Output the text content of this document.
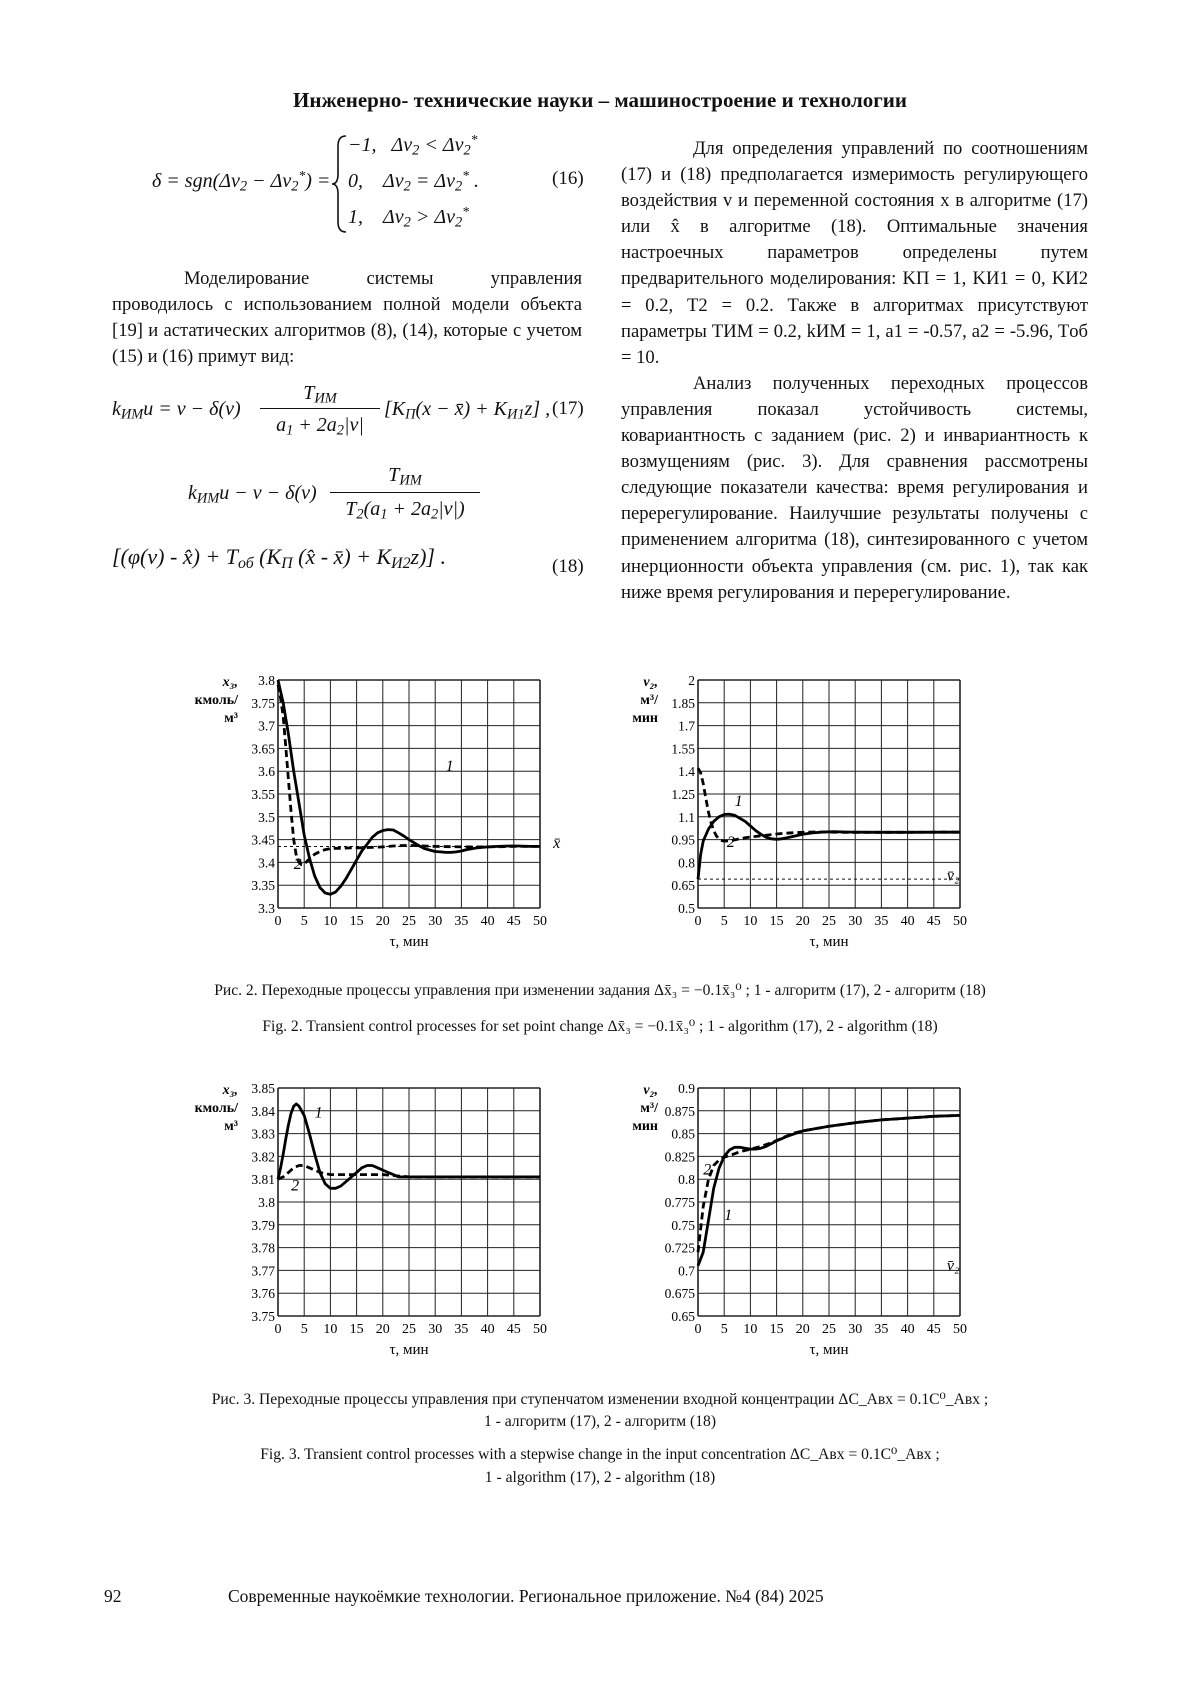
Инженерно- технические науки – машиностроение и технологии
$\delta = sgn(\Delta v_2 - \Delta v_2^*)$ =
−1,   $\Delta v_2 < \Delta v_2^*$
0,    $\Delta v_2 = \Delta v_2^*$ .
1,    $\Delta v_2 > \Delta v_2^*$
(16)

Моделирование системы управления проводилось с использованием полной модели объекта [19] и астатических алгоритмов (8), (14), которые с учетом (15) и (16) примут вид:

$k_{ИМ}u = v - \delta(v)$
$T_{ИМ}$
$a_1 + 2a_2|v|$
[$K_П(x$ − x̄) + $K_{И1}z$] , (17)
$k_{ИМ}u - v - \delta(v)$
$T_{ИМ}$
$T_2(a_1 + 2a_2|v|)$
[(φ(v) - x̂) + $T_{об}$ ($K_П$ (x̂ - x̄) + $K_{И2}z$)] .	(18)

Для определения управлений по соотношениям (17) и (18) предполагается измеримость регулирующего воздействия v и переменной состояния x в алгоритме (17) или x̂ в алгоритме (18). Оптимальные значения настроечных параметров определены путем предварительного моделирования: KП = 1, KИ1 = 0, KИ2 = 0.2, T2 = 0.2. Также в алгоритмах присутствуют параметры TИМ = 0.2, kИМ = 1, a1 = -0.57, a2 = -5.96, Tоб = 10.

Анализ полученных переходных процессов управления показал устойчивость системы, ковариантность с заданием (рис. 2) и инвариантность к возмущениям (рис. 3). Для сравнения рассмотрены следующие показатели качества: время регулирования и перерегулирование. Наилучшие результаты получены с применением алгоритма (18), синтезированного с учетом инерционности объекта управления (см. рис. 1), так как ниже время регулирования и перерегулирование.

0 5 10 15 20 25 30 35 40 45 50
3.3
3.35
3.4
3.45
3.5
3.55
3.6
3.65
3.7
3.75
3.8
x₃,
кмоль/
м³
τ, мин
1
2
x̄
0 5 10 15 20 25 30 35 40 45 50
0.5
0.65
0.8
0.95
1.1
1.25
1.4
1.55
1.7
1.85
2
v₂,
м³/
мин
τ, мин
1
2
v̄₂
Рис. 2. Переходные процессы управления при изменении задания Δx̄₃ = −0.1x̄₃⁰ ; 1 - алгоритм (17), 2 - алгоритм (18)
Fig. 2. Transient control processes for set point change Δx̄₃ = −0.1x̄₃⁰ ; 1 - algorithm (17), 2 - algorithm (18)
0 5 10 15 20 25 30 35 40 45 50
3.75
3.76
3.77
3.78
3.79
3.8
3.81
3.82
3.83
3.84
3.85
x₃,
кмоль/
м³
τ, мин
1
2
0 5 10 15 20 25 30 35 40 45 50
0.65
0.675
0.7
0.725
0.75
0.775
0.8
0.825
0.85
0.875
0.9
v₂,
м³/
мин
τ, мин
1
2
v̄₂
Рис. 3. Переходные процессы управления при ступенчатом изменении входной концентрации ΔC_Aвх = 0.1C⁰_Aвх ;
1 - алгоритм (17), 2 - алгоритм (18)
Fig. 3. Transient control processes with a stepwise change in the input concentration ΔC_Aвх = 0.1C⁰_Aвх ;
1 - algorithm (17), 2 - algorithm (18)
92	Современные наукоёмкие технологии. Региональное приложение. №4 (84) 2025
